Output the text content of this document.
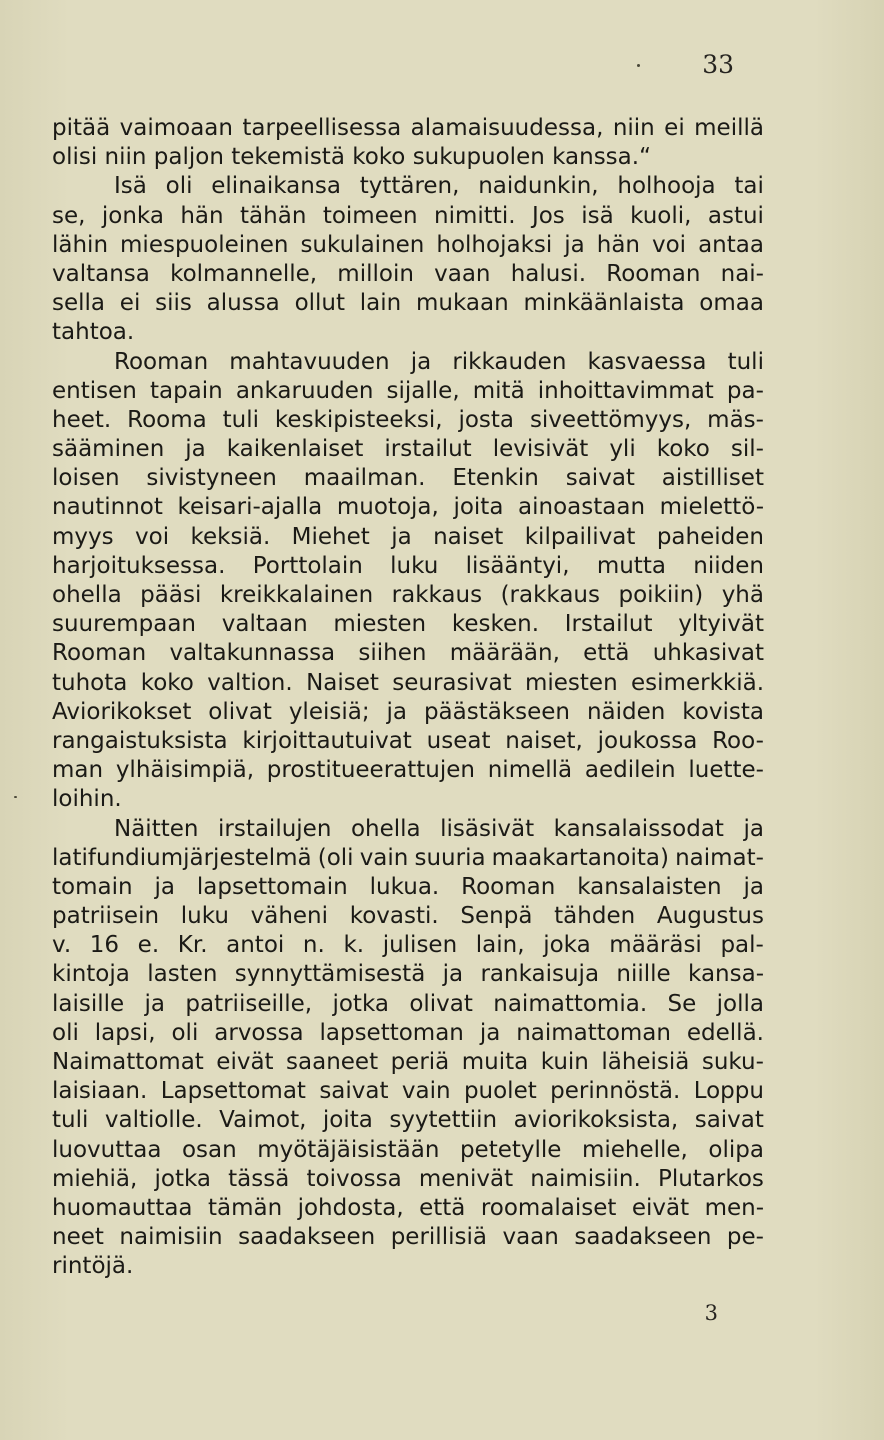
33
pitää vaimoaan tarpeellisessa alamaisuudessa, niin ei meillä
olisi niin paljon tekemistä koko sukupuolen kanssa.“
Isä oli elinaikansa tyttären, naidunkin, holhooja tai
se, jonka hän tähän toimeen nimitti. Jos isä kuoli, astui
lähin miespuoleinen sukulainen holhojaksi ja hän voi antaa
valtansa kolmannelle, milloin vaan halusi. Rooman nai-
sella ei siis alussa ollut lain mukaan minkäänlaista omaa
tahtoa.
Rooman mahtavuuden ja rikkauden kasvaessa tuli
entisen tapain ankaruuden sijalle, mitä inhoittavimmat pa-
heet. Rooma tuli keskipisteeksi, josta siveettömyys, mäs-
sääminen ja kaikenlaiset irstailut levisivät yli koko sil-
loisen sivistyneen maailman. Etenkin saivat aistilliset
nautinnot keisari-ajalla muotoja, joita ainoastaan mielettö-
myys voi keksiä. Miehet ja naiset kilpailivat paheiden
harjoituksessa. Porttolain luku lisääntyi, mutta niiden
ohella pääsi kreikkalainen rakkaus (rakkaus poikiin) yhä
suurempaan valtaan miesten kesken. Irstailut yltyivät
Rooman valtakunnassa siihen määrään, että uhkasivat
tuhota koko valtion. Naiset seurasivat miesten esimerkkiä.
Aviorikokset olivat yleisiä; ja päästäkseen näiden kovista
rangaistuksista kirjoittautuivat useat naiset, joukossa Roo-
man ylhäisimpiä, prostitueerattujen nimellä aedilein luette-
loihin.
Näitten irstailujen ohella lisäsivät kansalaissodat ja
latifundiumjärjestelmä (oli vain suuria maakartanoita) naimat-
tomain ja lapsettomain lukua. Rooman kansalaisten ja
patriisein luku väheni kovasti. Senpä tähden Augustus
v. 16 e. Kr. antoi n. k. julisen lain, joka määräsi pal-
kintoja lasten synnyttämisestä ja rankaisuja niille kansa-
laisille ja patriiseille, jotka olivat naimattomia. Se jolla
oli lapsi, oli arvossa lapsettoman ja naimattoman edellä.
Naimattomat eivät saaneet periä muita kuin läheisiä suku-
laisiaan. Lapsettomat saivat vain puolet perinnöstä. Loppu
tuli valtiolle. Vaimot, joita syytettiin aviorikoksista, saivat
luovuttaa osan myötäjäisistään petetylle miehelle, olipa
miehiä, jotka tässä toivossa menivät naimisiin. Plutarkos
huomauttaa tämän johdosta, että roomalaiset eivät men-
neet naimisiin saadakseen perillisiä vaan saadakseen pe-
rintöjä.
3
